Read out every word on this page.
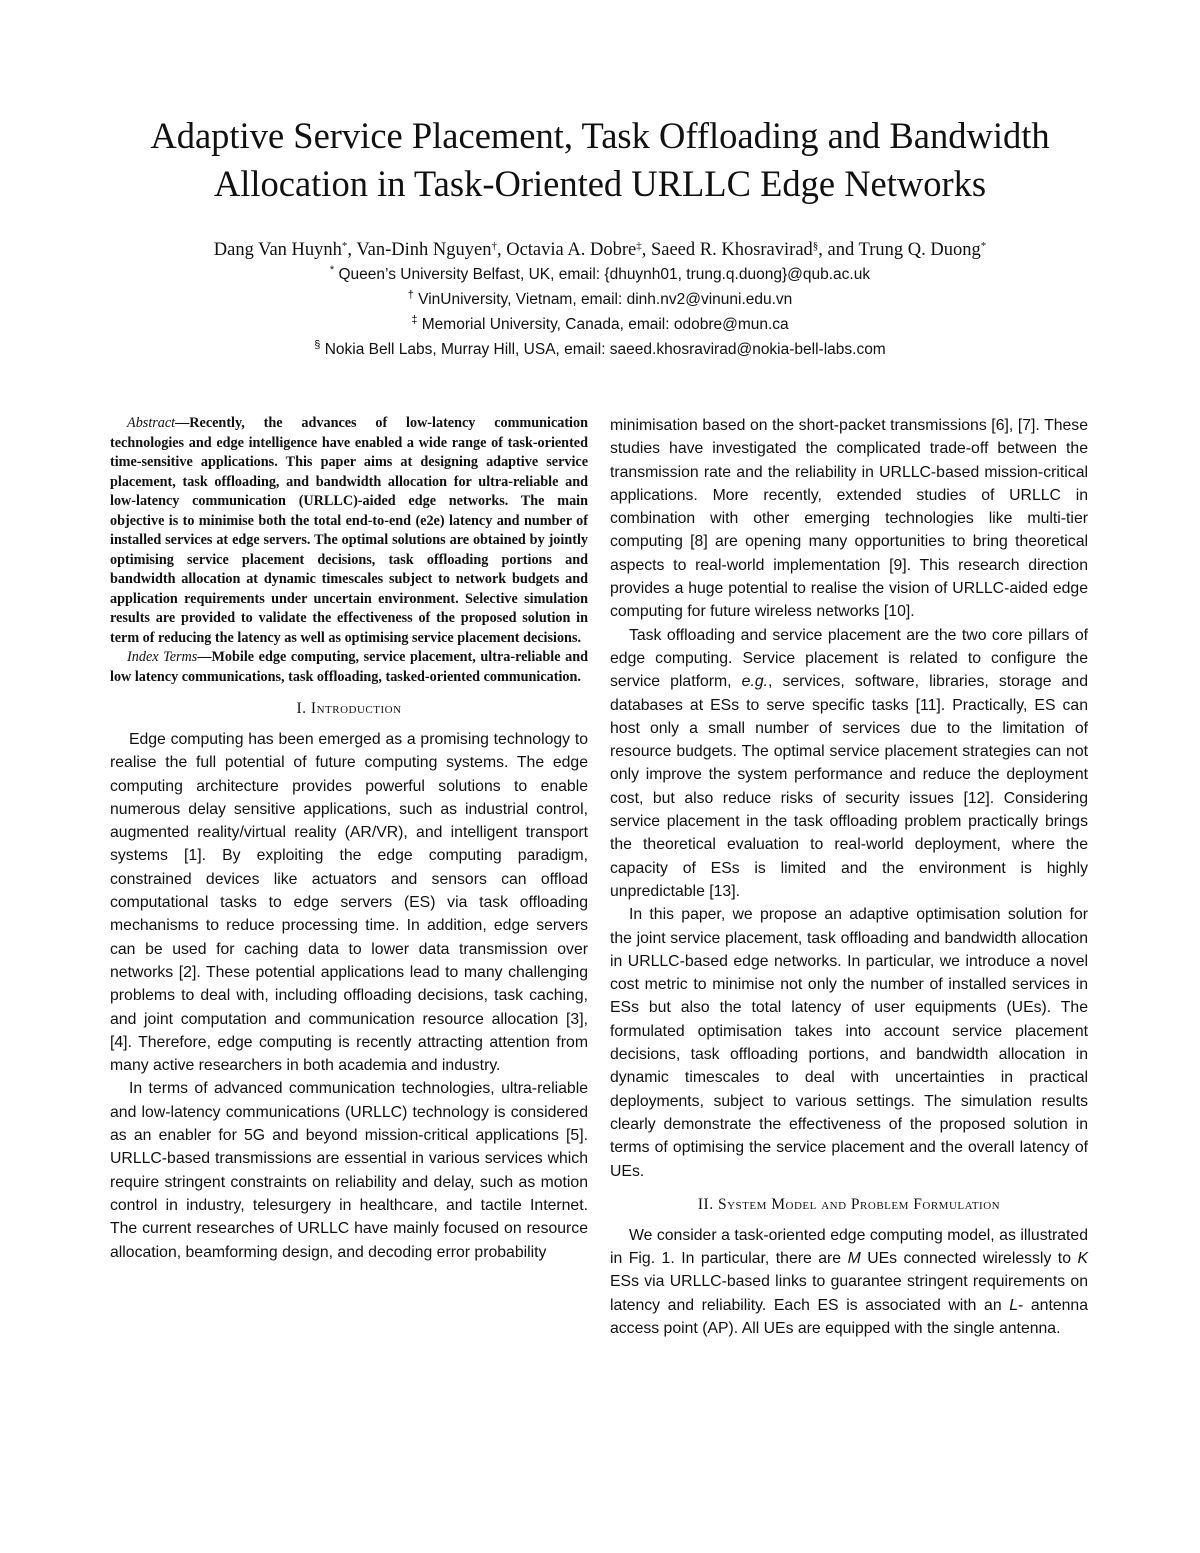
Adaptive Service Placement, Task Offloading and Bandwidth
Allocation in Task-Oriented URLLC Edge Networks
Dang Van Huynh*, Van-Dinh Nguyen†, Octavia A. Dobre‡, Saeed R. Khosravirad§, and Trung Q. Duong*
* Queen’s University Belfast, UK, email: {dhuynh01, trung.q.duong}@qub.ac.uk
† VinUniversity, Vietnam, email: dinh.nv2@vinuni.edu.vn
‡ Memorial University, Canada, email: odobre@mun.ca
§ Nokia Bell Labs, Murray Hill, USA, email: saeed.khosravirad@nokia-bell-labs.com

Abstract—Recently, the advances of low-latency communication technologies and edge intelligence have enabled a wide range of task-oriented time-sensitive applications. This paper aims at designing adaptive service placement, task offloading, and bandwidth allocation for ultra-reliable and low-latency communication (URLLC)-aided edge networks. The main objective is to minimise both the total end-to-end (e2e) latency and number of installed services at edge servers. The optimal solutions are obtained by jointly optimising service placement decisions, task offloading portions and bandwidth allocation at dynamic timescales subject to network budgets and application requirements under uncertain environment. Selective simulation results are provided to validate the effectiveness of the proposed solution in term of reducing the latency as well as optimising service placement decisions.

Index Terms—Mobile edge computing, service placement, ultra-reliable and low latency communications, task offloading, tasked-oriented communication.

I. Introduction

Edge computing has been emerged as a promising technology to realise the full potential of future computing systems. The edge computing architecture provides powerful solutions to enable numerous delay sensitive applications, such as industrial control, augmented reality/virtual reality (AR/VR), and intelligent transport systems [1]. By exploiting the edge computing paradigm, constrained devices like actuators and sensors can offload computational tasks to edge servers (ES) via task offloading mechanisms to reduce processing time. In addition, edge servers can be used for caching data to lower data transmission over networks [2]. These potential applications lead to many challenging problems to deal with, including offloading decisions, task caching, and joint computation and communication resource allocation [3], [4]. Therefore, edge computing is recently attracting attention from many active researchers in both academia and industry.

In terms of advanced communication technologies, ultra-reliable and low-latency communications (URLLC) technology is considered as an enabler for 5G and beyond mission-critical applications [5]. URLLC-based transmissions are essential in various services which require stringent constraints on reliability and delay, such as motion control in industry, telesurgery in healthcare, and tactile Internet. The current researches of URLLC have mainly focused on resource allocation, beamforming design, and decoding error probability

minimisation based on the short-packet transmissions [6], [7]. These studies have investigated the complicated trade-off between the transmission rate and the reliability in URLLC-based mission-critical applications. More recently, extended studies of URLLC in combination with other emerging technologies like multi-tier computing [8] are opening many opportunities to bring theoretical aspects to real-world implementation [9]. This research direction provides a huge potential to realise the vision of URLLC-aided edge computing for future wireless networks [10].

Task offloading and service placement are the two core pillars of edge computing. Service placement is related to configure the service platform, e.g., services, software, libraries, storage and databases at ESs to serve specific tasks [11]. Practically, ES can host only a small number of services due to the limitation of resource budgets. The optimal service placement strategies can not only improve the system performance and reduce the deployment cost, but also reduce risks of security issues [12]. Considering service placement in the task offloading problem practically brings the theoretical evaluation to real-world deployment, where the capacity of ESs is limited and the environment is highly unpredictable [13].

In this paper, we propose an adaptive optimisation solution for the joint service placement, task offloading and bandwidth allocation in URLLC-based edge networks. In particular, we introduce a novel cost metric to minimise not only the number of installed services in ESs but also the total latency of user equipments (UEs). The formulated optimisation takes into account service placement decisions, task offloading portions, and bandwidth allocation in dynamic timescales to deal with uncertainties in practical deployments, subject to various settings. The simulation results clearly demonstrate the effectiveness of the proposed solution in terms of optimising the service placement and the overall latency of UEs.

II. System Model and Problem Formulation

We consider a task-oriented edge computing model, as illustrated in Fig. 1. In particular, there are M UEs connected wirelessly to K ESs via URLLC-based links to guarantee stringent requirements on latency and reliability. Each ES is associated with an L- antenna access point (AP). All UEs are equipped with the single antenna.
